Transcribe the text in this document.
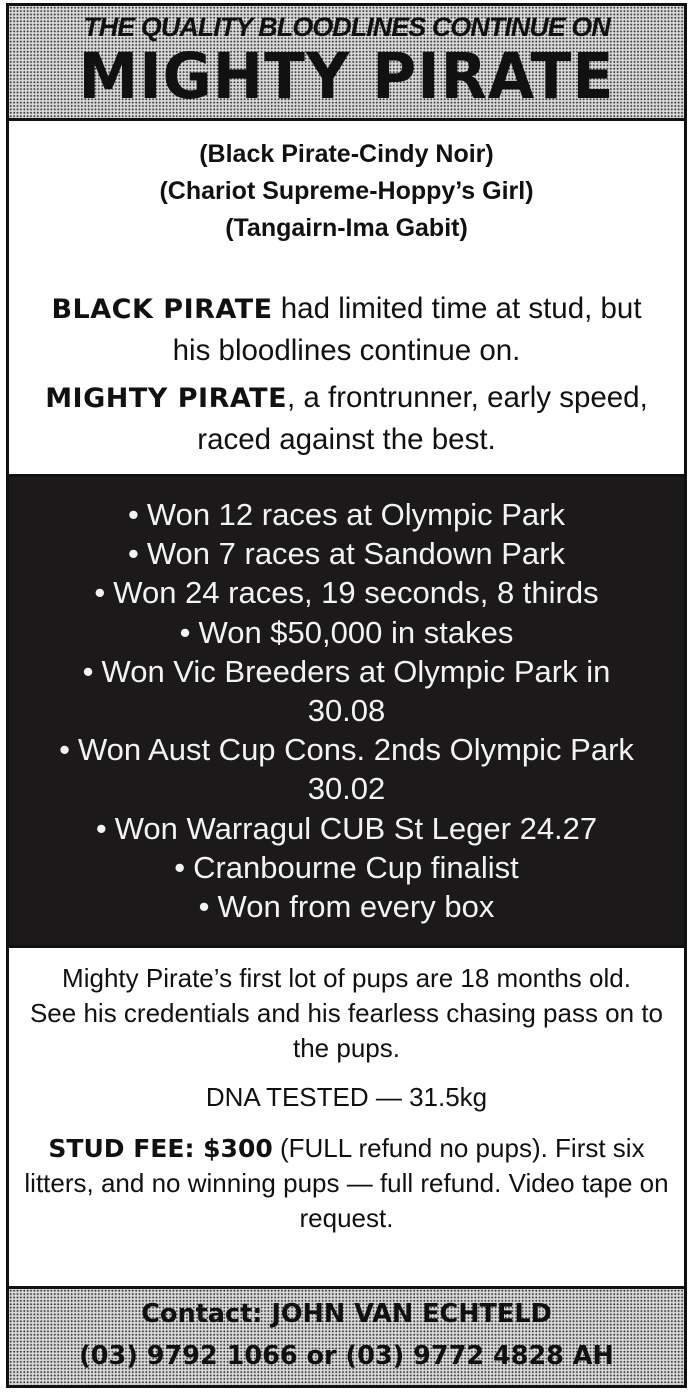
THE QUALITY BLOODLINES CONTINUE ON
MIGHTY PIRATE
(Black Pirate-Cindy Noir)
(Chariot Supreme-Hoppy’s Girl)
(Tangairn-Ima Gabit)

BLACK PIRATE had limited time at stud, but his bloodlines continue on.

MIGHTY PIRATE, a frontrunner, early speed, raced against the best.

• Won 12 races at Olympic Park
• Won 7 races at Sandown Park
• Won 24 races, 19 seconds, 8 thirds
• Won $50,000 in stakes
• Won Vic Breeders at Olympic Park in 30.08
• Won Aust Cup Cons. 2nds Olympic Park 30.02
• Won Warragul CUB St Leger 24.27
• Cranbourne Cup finalist
• Won from every box

Mighty Pirate’s first lot of pups are 18 months old.

See his credentials and his fearless chasing pass on to the pups.

DNA TESTED — 31.5kg

STUD FEE: $300 (FULL refund no pups). First six litters, and no winning pups — full refund. Video tape on request.

Contact: JOHN VAN ECHTELD
(03) 9792 1066 or (03) 9772 4828 AH
